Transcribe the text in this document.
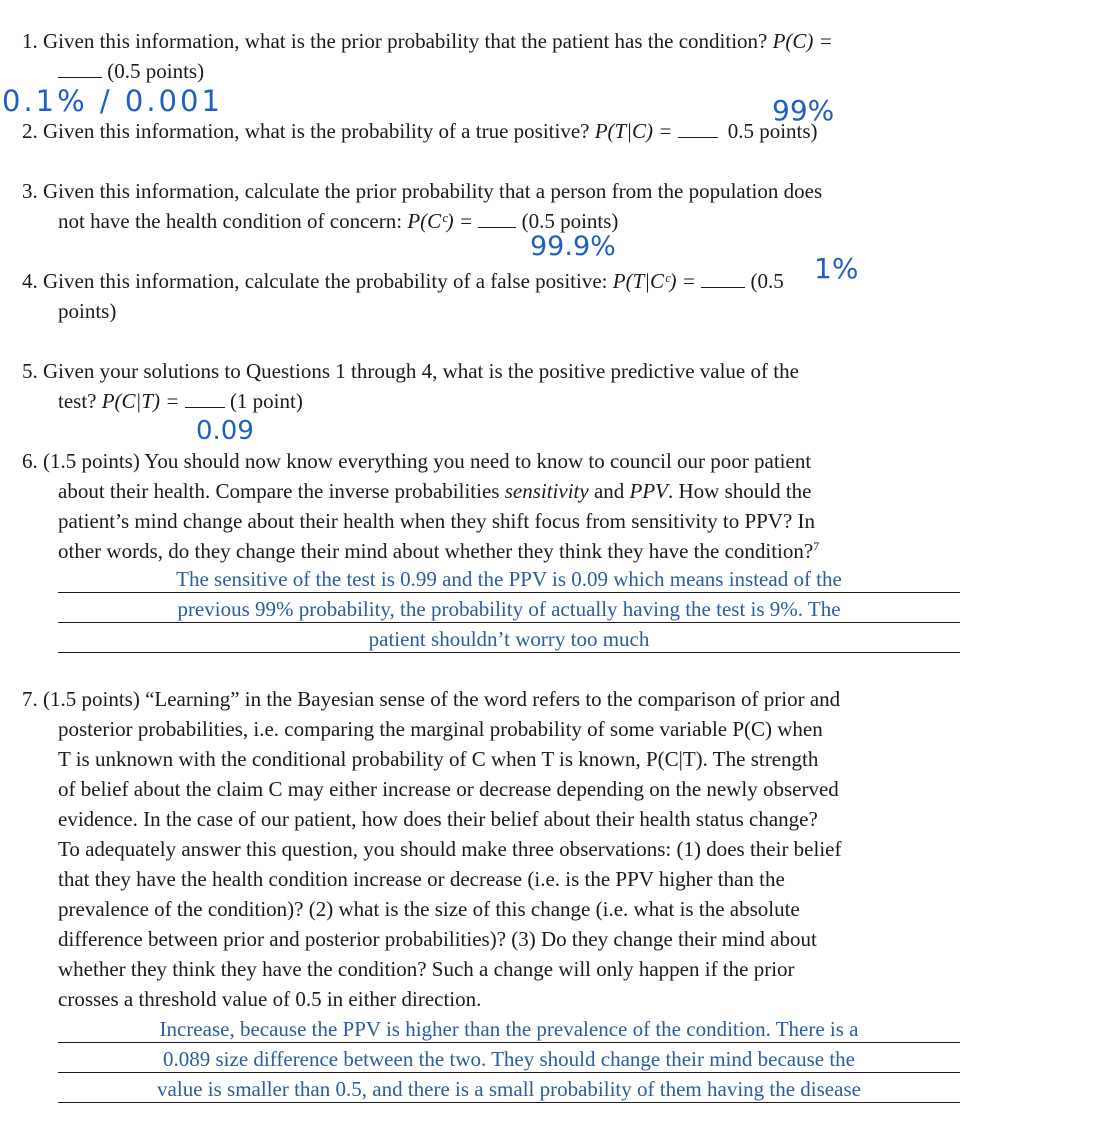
1. Given this information, what is the prior probability that the patient has the condition? P(C) =
(0.5 points)
0.1% / 0.001
2. Given this information, what is the probability of a true positive? P(T|C) =	0.5 points)
99%
3. Given this information, calculate the prior probability that a person from the population does
not have the health condition of concern: P(Cᶜ) = (0.5 points)
99.9%
4. Given this information, calculate the probability of a false positive: P(T|Cᶜ) =	(0.5 1%
points)
5. Given your solutions to Questions 1 through 4, what is the positive predictive value of the
test? P(C|T) = (1 point)
0.09
6. (1.5 points) You should now know everything you need to know to council our poor patient
about their health. Compare the inverse probabilities sensitivity and PPV. How should the
patient’s mind change about their health when they shift focus from sensitivity to PPV? In
other words, do they change their mind about whether they think they have the condition?$^7$
The sensitive of the test is 0.99 and the PPV is 0.09 which means instead of the
previous 99% probability, the probability of actually having the test is 9%. The
patient shouldn’t worry too much
7. (1.5 points) “Learning” in the Bayesian sense of the word refers to the comparison of prior and
posterior probabilities, i.e. comparing the marginal probability of some variable P(C) when
T is unknown with the conditional probability of C when T is known, P(C|T). The strength
of belief about the claim C may either increase or decrease depending on the newly observed
evidence. In the case of our patient, how does their belief about their health status change?
To adequately answer this question, you should make three observations: (1) does their belief
that they have the health condition increase or decrease (i.e. is the PPV higher than the
prevalence of the condition)? (2) what is the size of this change (i.e. what is the absolute
difference between prior and posterior probabilities)? (3) Do they change their mind about
whether they think they have the condition? Such a change will only happen if the prior
crosses a threshold value of 0.5 in either direction.
Increase, because the PPV is higher than the prevalence of the condition. There is a
0.089 size difference between the two. They should change their mind because the
value is smaller than 0.5, and there is a small probability of them having the disease
